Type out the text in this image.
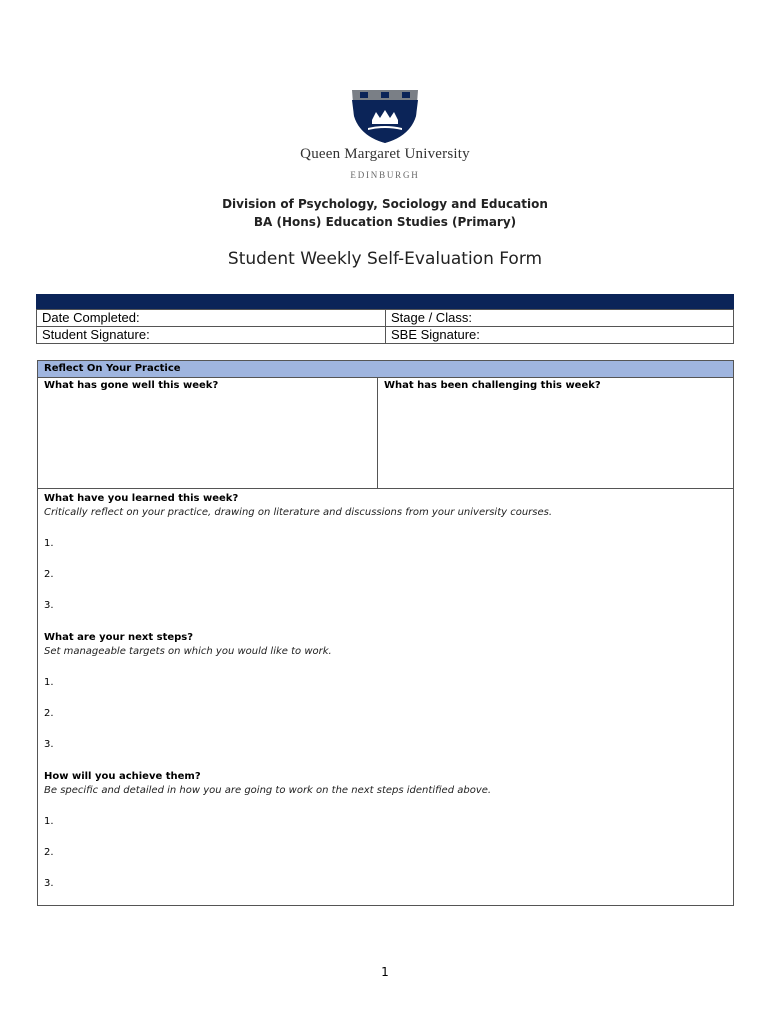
Queen Margaret University
EDINBURGH
Division of Psychology, Sociology and Education
BA (Hons) Education Studies (Primary)
Student Weekly Self-Evaluation Form
Date Completed:	Stage / Class:
Student Signature:	SBE Signature:
Reflect On Your Practice
What has gone well this week?	What has been challenging this week?
What have you learned this week?
Critically reflect on your practice, drawing on literature and discussions from your university courses.
1.
2.
3.
What are your next steps?
Set manageable targets on which you would like to work.
1.
2.
3.
How will you achieve them?
Be specific and detailed in how you are going to work on the next steps identified above.
1.
2.
3.
1
